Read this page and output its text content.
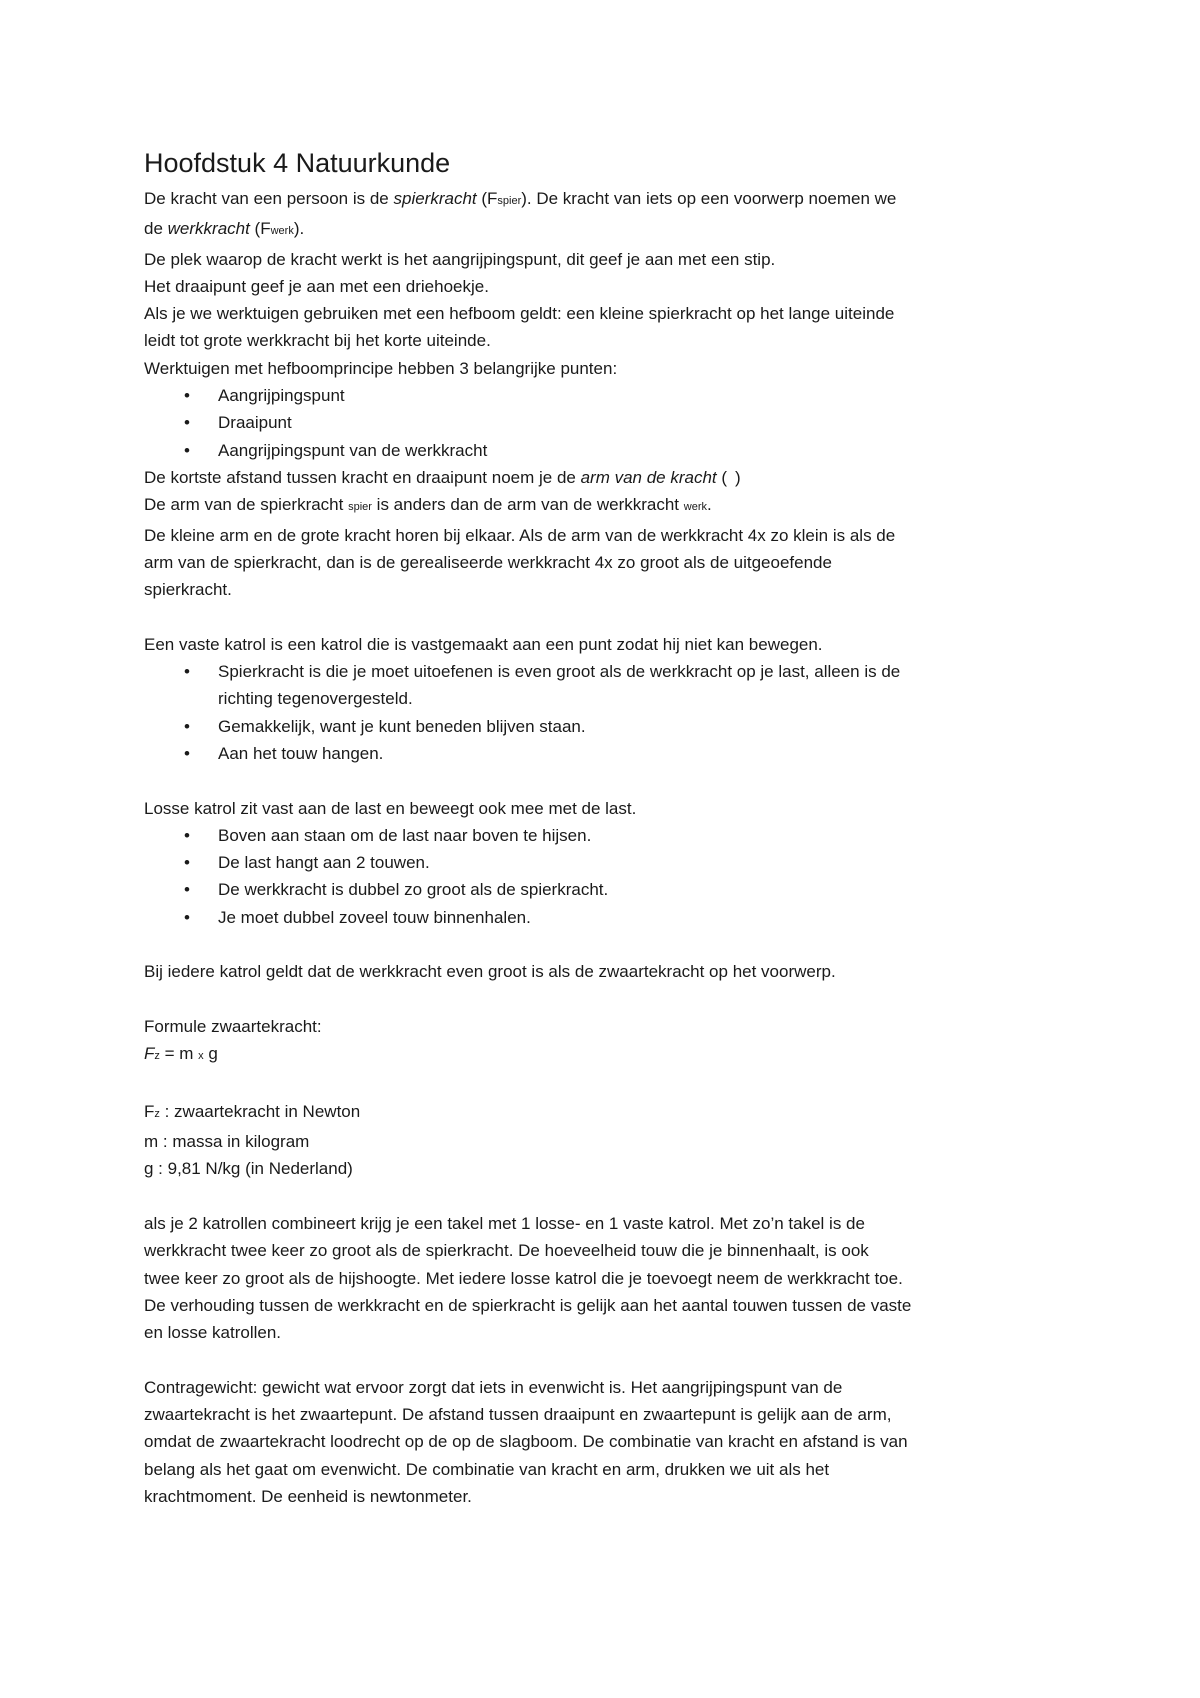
Hoofdstuk 4 Natuurkunde

De kracht van een persoon is de spierkracht (Fspier). De kracht van iets op een voorwerp noemen we

de werkkracht (Fwerk).

De plek waarop de kracht werkt is het aangrijpingspunt, dit geef je aan met een stip.

Het draaipunt geef je aan met een driehoekje.

Als je we werktuigen gebruiken met een hefboom geldt: een kleine spierkracht op het lange uiteinde

leidt tot grote werkkracht bij het korte uiteinde.

Werktuigen met hefboomprincipe hebben 3 belangrijke punten:

• Aangrijpingspunt
• Draaipunt
• Aangrijpingspunt van de werkkracht

De kortste afstand tussen kracht en draaipunt noem je de arm van de kracht ( )

De arm van de spierkracht spier is anders dan de arm van de werkkracht werk.

De kleine arm en de grote kracht horen bij elkaar. Als de arm van de werkkracht 4x zo klein is als de

arm van de spierkracht, dan is de gerealiseerde werkkracht 4x zo groot als de uitgeoefende

spierkracht.

Een vaste katrol is een katrol die is vastgemaakt aan een punt zodat hij niet kan bewegen.

• Spierkracht is die je moet uitoefenen is even groot als de werkkracht op je last, alleen is de
richting tegenovergesteld.
• Gemakkelijk, want je kunt beneden blijven staan.
• Aan het touw hangen.

Losse katrol zit vast aan de last en beweegt ook mee met de last.

• Boven aan staan om de last naar boven te hijsen.
• De last hangt aan 2 touwen.
• De werkkracht is dubbel zo groot als de spierkracht.
• Je moet dubbel zoveel touw binnenhalen.

Bij iedere katrol geldt dat de werkkracht even groot is als de zwaartekracht op het voorwerp.

Formule zwaartekracht:

Fz = m x g

Fz : zwaartekracht in Newton

m : massa in kilogram

g : 9,81 N/kg (in Nederland)

als je 2 katrollen combineert krijg je een takel met 1 losse- en 1 vaste katrol. Met zo’n takel is de

werkkracht twee keer zo groot als de spierkracht. De hoeveelheid touw die je binnenhaalt, is ook

twee keer zo groot als de hijshoogte. Met iedere losse katrol die je toevoegt neem de werkkracht toe.

De verhouding tussen de werkkracht en de spierkracht is gelijk aan het aantal touwen tussen de vaste

en losse katrollen.

Contragewicht: gewicht wat ervoor zorgt dat iets in evenwicht is. Het aangrijpingspunt van de

zwaartekracht is het zwaartepunt. De afstand tussen draaipunt en zwaartepunt is gelijk aan de arm,

omdat de zwaartekracht loodrecht op de op de slagboom. De combinatie van kracht en afstand is van

belang als het gaat om evenwicht. De combinatie van kracht en arm, drukken we uit als het

krachtmoment. De eenheid is newtonmeter.
